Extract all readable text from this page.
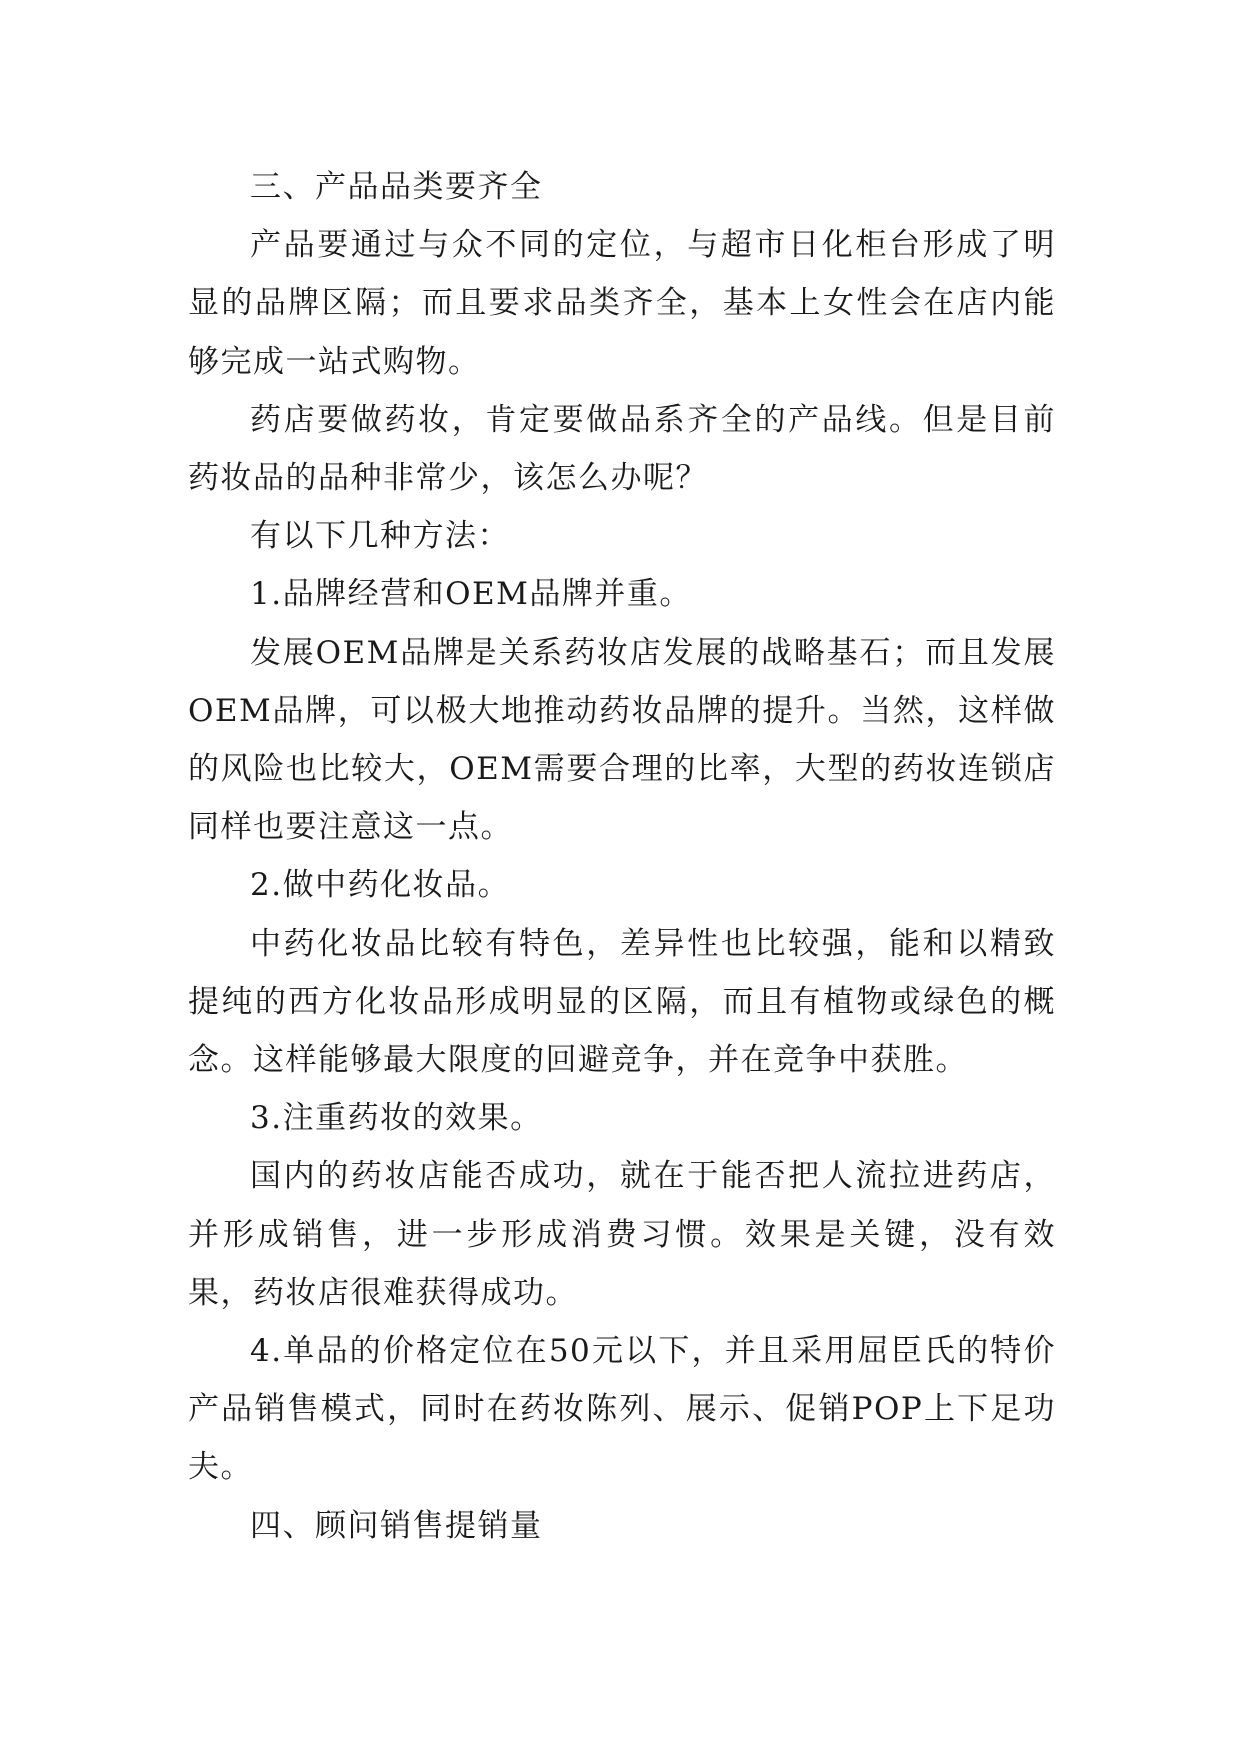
三、产品品类要齐全

产品要通过与众不同的定位，与超市日化柜台形成了明显的品牌区隔；而且要求品类齐全，基本上女性会在店内能够完成一站式购物。

药店要做药妆，肯定要做品系齐全的产品线。但是目前药妆品的品种非常少，该怎么办呢？

有以下几种方法：

1.品牌经营和OEM品牌并重。

发展OEM品牌是关系药妆店发展的战略基石；而且发展OEM品牌，可以极大地推动药妆品牌的提升。当然，这样做的风险也比较大，OEM需要合理的比率，大型的药妆连锁店同样也要注意这一点。

2.做中药化妆品。

中药化妆品比较有特色，差异性也比较强，能和以精致提纯的西方化妆品形成明显的区隔，而且有植物或绿色的概念。这样能够最大限度的回避竞争，并在竞争中获胜。

3.注重药妆的效果。

国内的药妆店能否成功，就在于能否把人流拉进药店，并形成销售，进一步形成消费习惯。效果是关键，没有效果，药妆店很难获得成功。

4.单品的价格定位在50元以下，并且采用屈臣氏的特价产品销售模式，同时在药妆陈列、展示、促销POP上下足功夫。

四、顾问销售提销量
